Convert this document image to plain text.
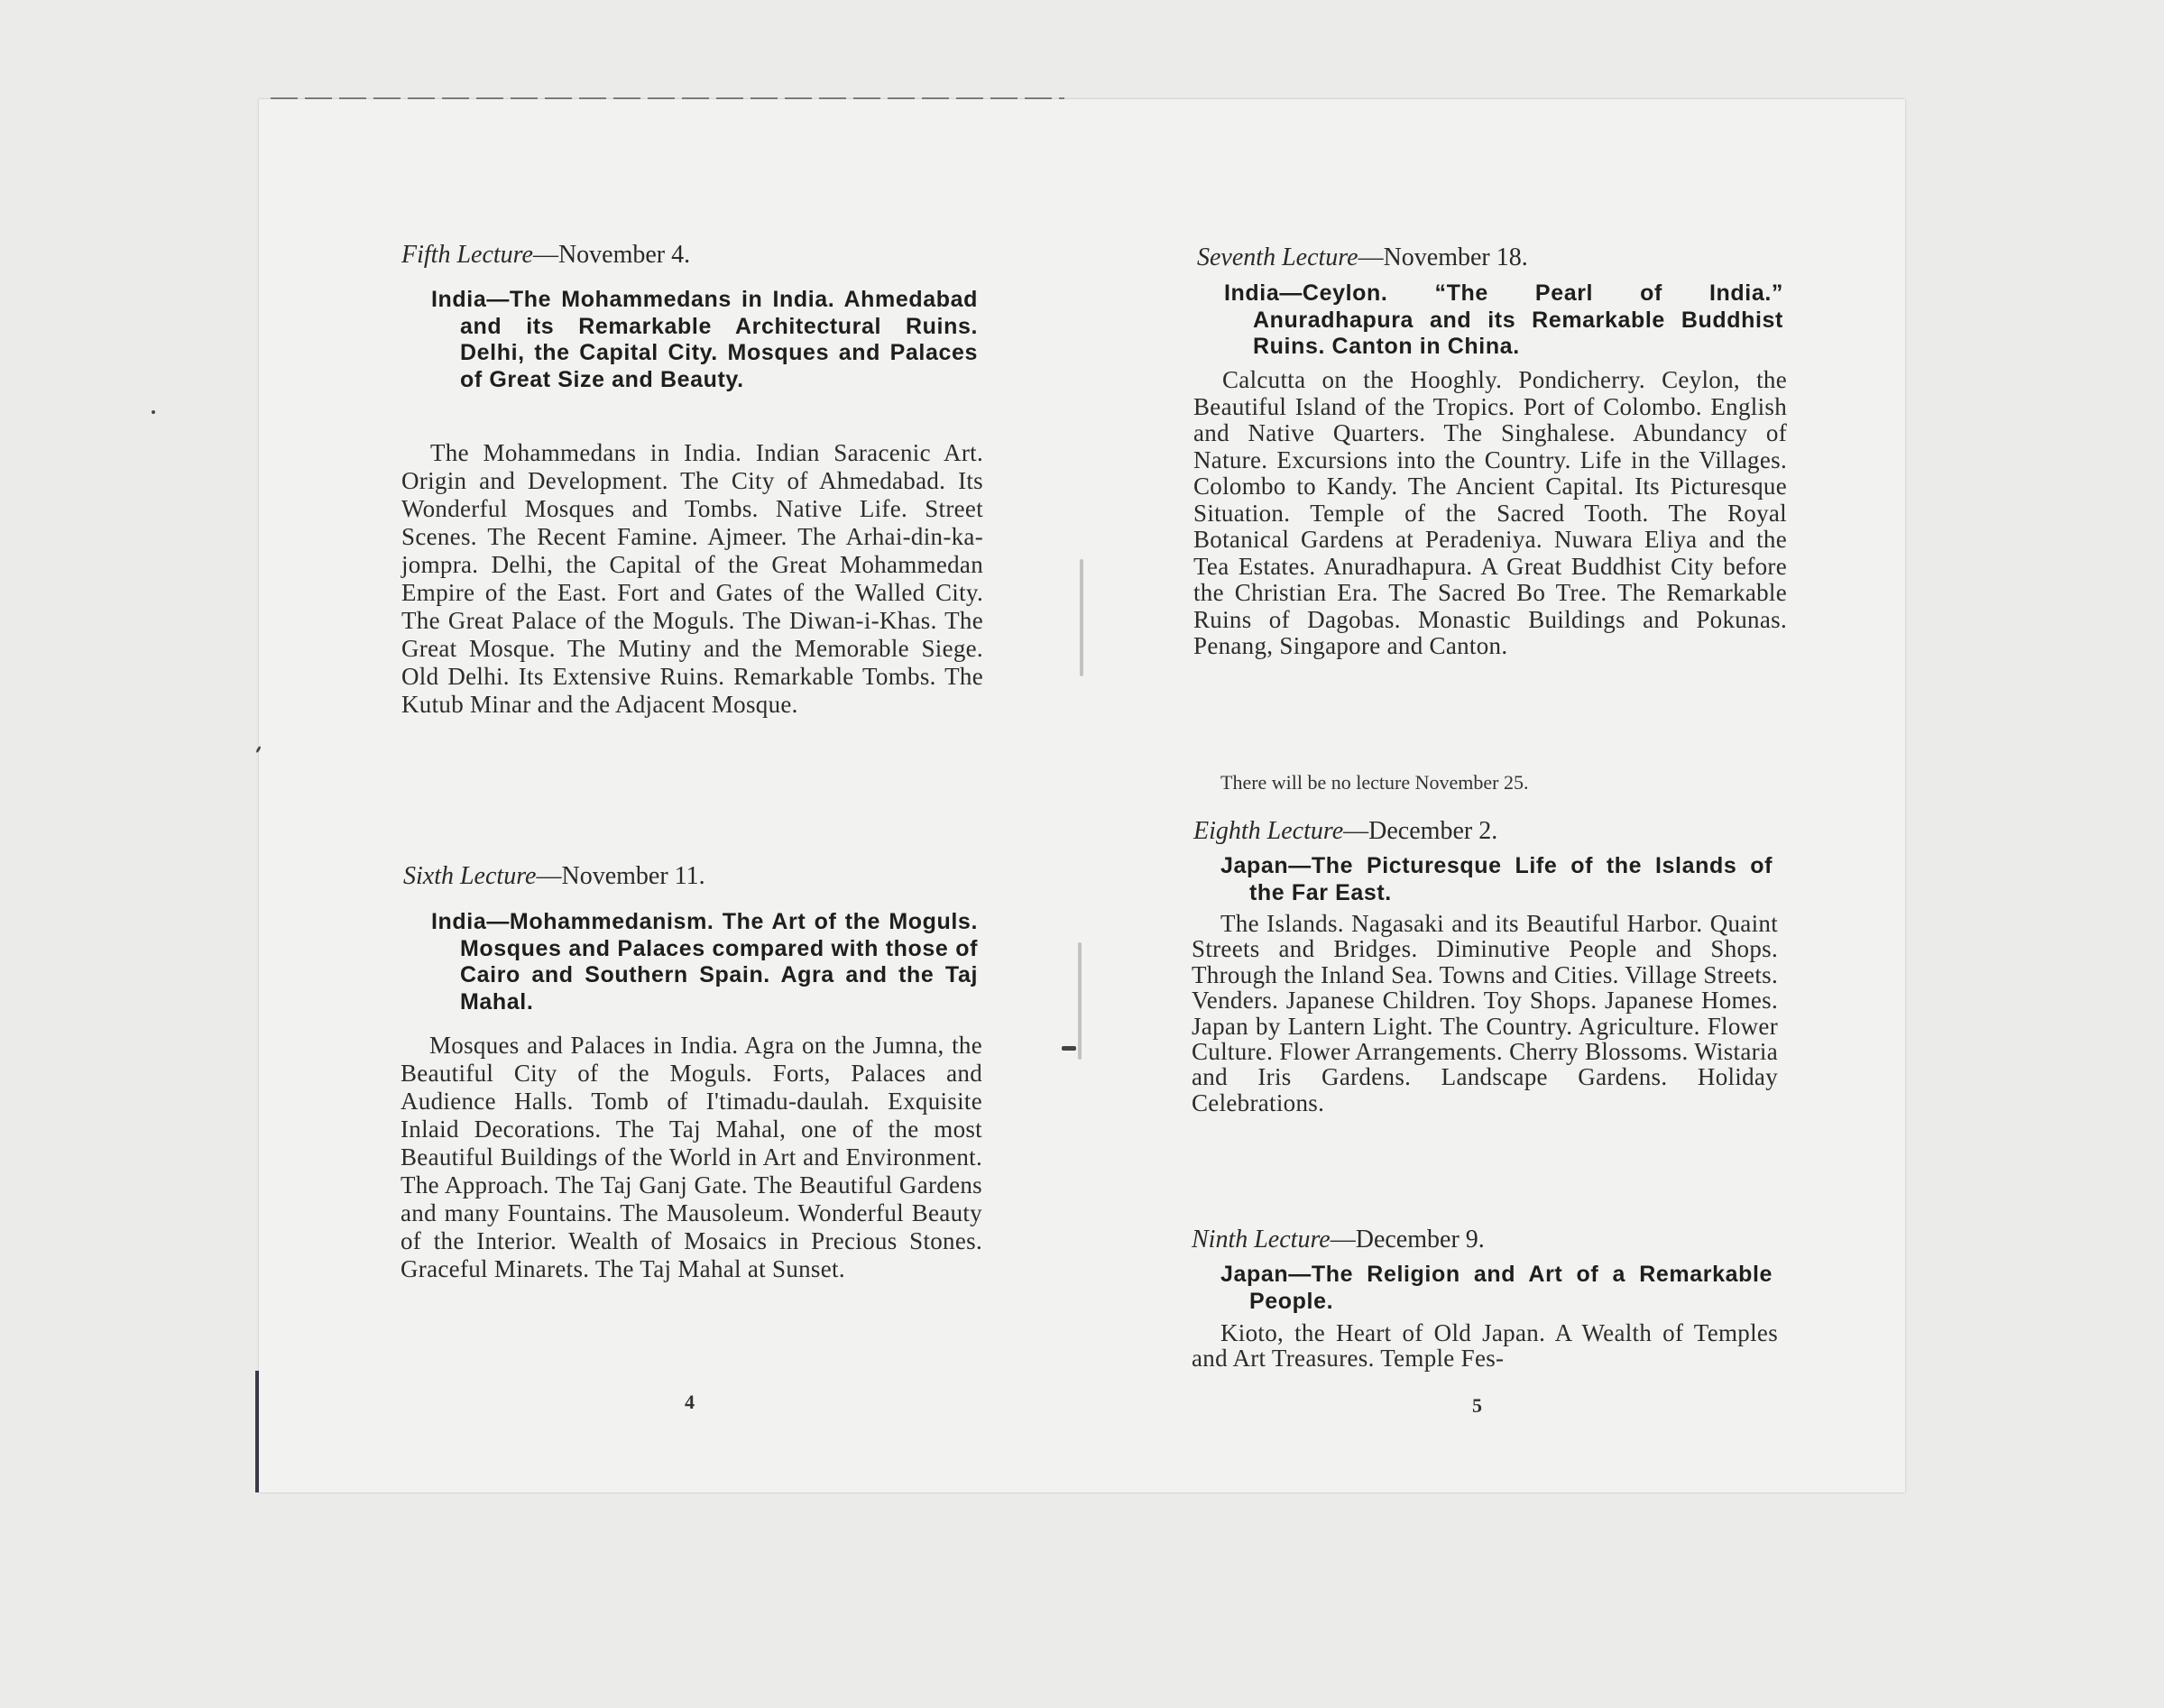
Fifth Lecture—November 4.
India—The Mohammedans in India. Ahmedabad and its Remarkable Architectural Ruins. Delhi, the Capital City. Mosques and Palaces of Great Size and Beauty.
The Mohammedans in India. Indian Saracenic Art. Origin and Development. The City of Ahmedabad. Its Wonderful Mosques and Tombs. Native Life. Street Scenes. The Recent Famine. Ajmeer. The Arhai-din-ka-jompra. Delhi, the Capital of the Great Mohammedan Empire of the East. Fort and Gates of the Walled City. The Great Palace of the Moguls. The Diwan-i-Khas. The Great Mosque. The Mutiny and the Memorable Siege. Old Delhi. Its Extensive Ruins. Remarkable Tombs. The Kutub Minar and the Adjacent Mosque.
Sixth Lecture—November 11.
India—Mohammedanism. The Art of the Moguls. Mosques and Palaces compared with those of Cairo and Southern Spain. Agra and the Taj Mahal.
Mosques and Palaces in India. Agra on the Jumna, the Beautiful City of the Moguls. Forts, Palaces and Audience Halls. Tomb of I'timadu-daulah. Exquisite Inlaid Decorations. The Taj Mahal, one of the most Beautiful Buildings of the World in Art and Environment. The Approach. The Taj Ganj Gate. The Beautiful Gardens and many Fountains. The Mausoleum. Wonderful Beauty of the Interior. Wealth of Mosaics in Precious Stones. Graceful Minarets. The Taj Mahal at Sunset.
4
Seventh Lecture—November 18.
India—Ceylon. “The Pearl of India.” Anuradhapura and its Remarkable Buddhist Ruins. Canton in China.
Calcutta on the Hooghly. Pondicherry. Ceylon, the Beautiful Island of the Tropics. Port of Colombo. English and Native Quarters. The Singhalese. Abundancy of Nature. Excursions into the Country. Life in the Villages. Colombo to Kandy. The Ancient Capital. Its Picturesque Situation. Temple of the Sacred Tooth. The Royal Botanical Gardens at Peradeniya. Nuwara Eliya and the Tea Estates. Anuradhapura. A Great Buddhist City before the Christian Era. The Sacred Bo Tree. The Remarkable Ruins of Dagobas. Monastic Buildings and Pokunas. Penang, Singapore and Canton.
There will be no lecture November 25.
Eighth Lecture—December 2.
Japan—The Picturesque Life of the Islands of the Far East.
The Islands. Nagasaki and its Beautiful Harbor. Quaint Streets and Bridges. Diminutive People and Shops. Through the Inland Sea. Towns and Cities. Village Streets. Venders. Japanese Children. Toy Shops. Japanese Homes. Japan by Lantern Light. The Country. Agriculture. Flower Culture. Flower Arrangements. Cherry Blossoms. Wistaria and Iris Gardens. Landscape Gardens. Holiday Celebrations.
Ninth Lecture—December 9.
Japan—The Religion and Art of a Remarkable People.
Kioto, the Heart of Old Japan. A Wealth of Temples and Art Treasures. Temple Fes-
5
